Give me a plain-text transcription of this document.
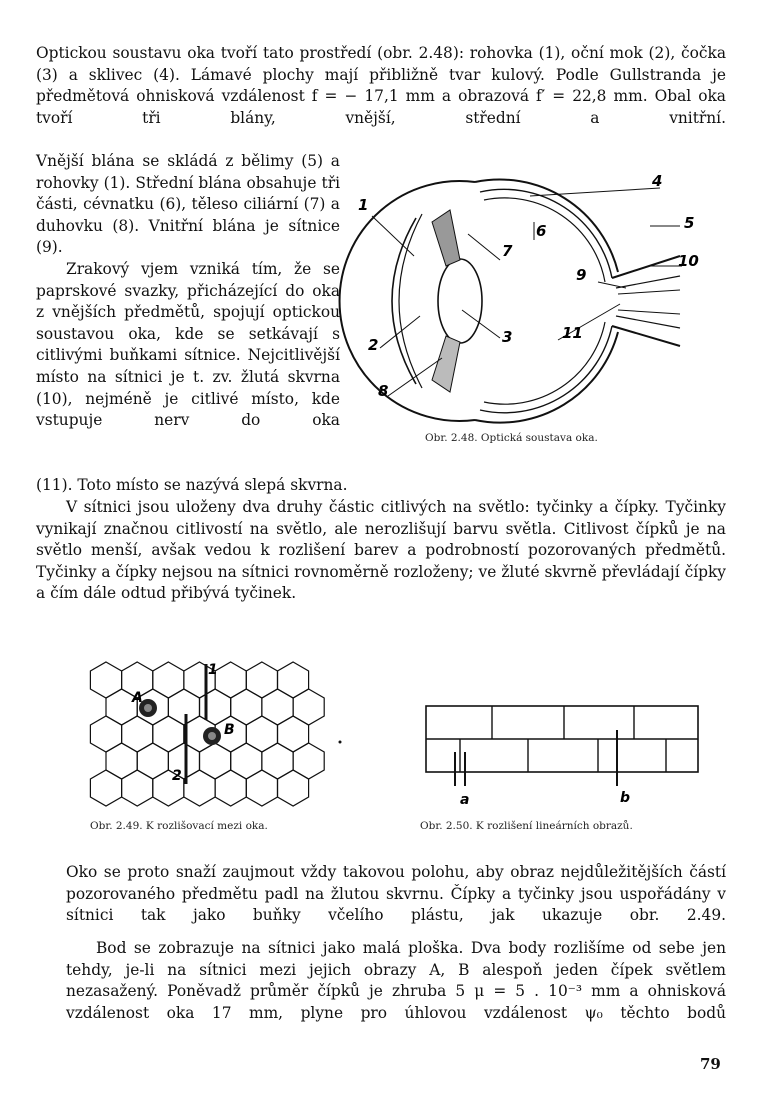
Optickou soustavu oka tvoří tato prostředí (obr. 2.48): rohovka (1), oční mok (2), čočka (3) a sklivec (4). Lámavé plochy mají přibližně tvar kulový. Podle Gullstranda je předmětová ohnisková vzdálenost f = − 17,1 mm a obrazová f′ = 22,8 mm. Obal oka tvoří tři blány, vnější, střední a vnitřní.

Vnější blána se skládá z bělimy (5) a rohovky (1). Střední blána obsahuje tři části, cévnatku (6), těleso ciliární (7) a duhovku (8). Vnitřní blána je sítnice (9).

Zrakový vjem vzniká tím, že se paprskové svazky, přicházející do oka z vnějších předmětů, spojují optickou soustavou oka, kde se setkávají s citlivými buňkami sítnice. Nejcitlivější místo na sítnici je t. zv. žlutá skvrna (10), nejméně je citlivé místo, kde vstupuje nerv do oka

(11). Toto místo se nazývá slepá skvrna.

V sítnici jsou uloženy dva druhy částic citlivých na světlo: tyčinky a čípky. Tyčinky vynikají značnou citlivostí na světlo, ale nerozlišují barvu světla. Citlivost čípků je na světlo menší, avšak vedou k rozlišení barev a podrobností pozorovaných předmětů. Tyčinky a čípky nejsou na sítnici rovnoměrně rozloženy; ve žluté skvrně převládají čípky a čím dále odtud přibývá tyčinek.

1
2	3
4
5
6
7
8
9
10
11
Obr. 2.48. Optická soustava oka.
1
2
A
B
Obr. 2.49. K rozlišovací mezi oka.
a	b
Obr. 2.50. K rozlišení lineárních obrazů.

Oko se proto snaží zaujmout vždy takovou polohu, aby obraz nejdůležitějších částí pozorovaného předmětu padl na žlutou skvrnu. Čípky a tyčinky jsou uspořádány v sítnici tak jako buňky včelího plástu, jak ukazuje obr. 2.49.

Bod se zobrazuje na sítnici jako malá ploška. Dva body rozlišíme od sebe jen tehdy, je-li na sítnici mezi jejich obrazy A, B alespoň jeden čípek světlem nezasažený. Poněvadž průměr čípků je zhruba 5 μ = 5 . 10⁻³ mm a ohnisková vzdálenost oka 17 mm, plyne pro úhlovou vzdálenost ψ₀ těchto bodů

79
